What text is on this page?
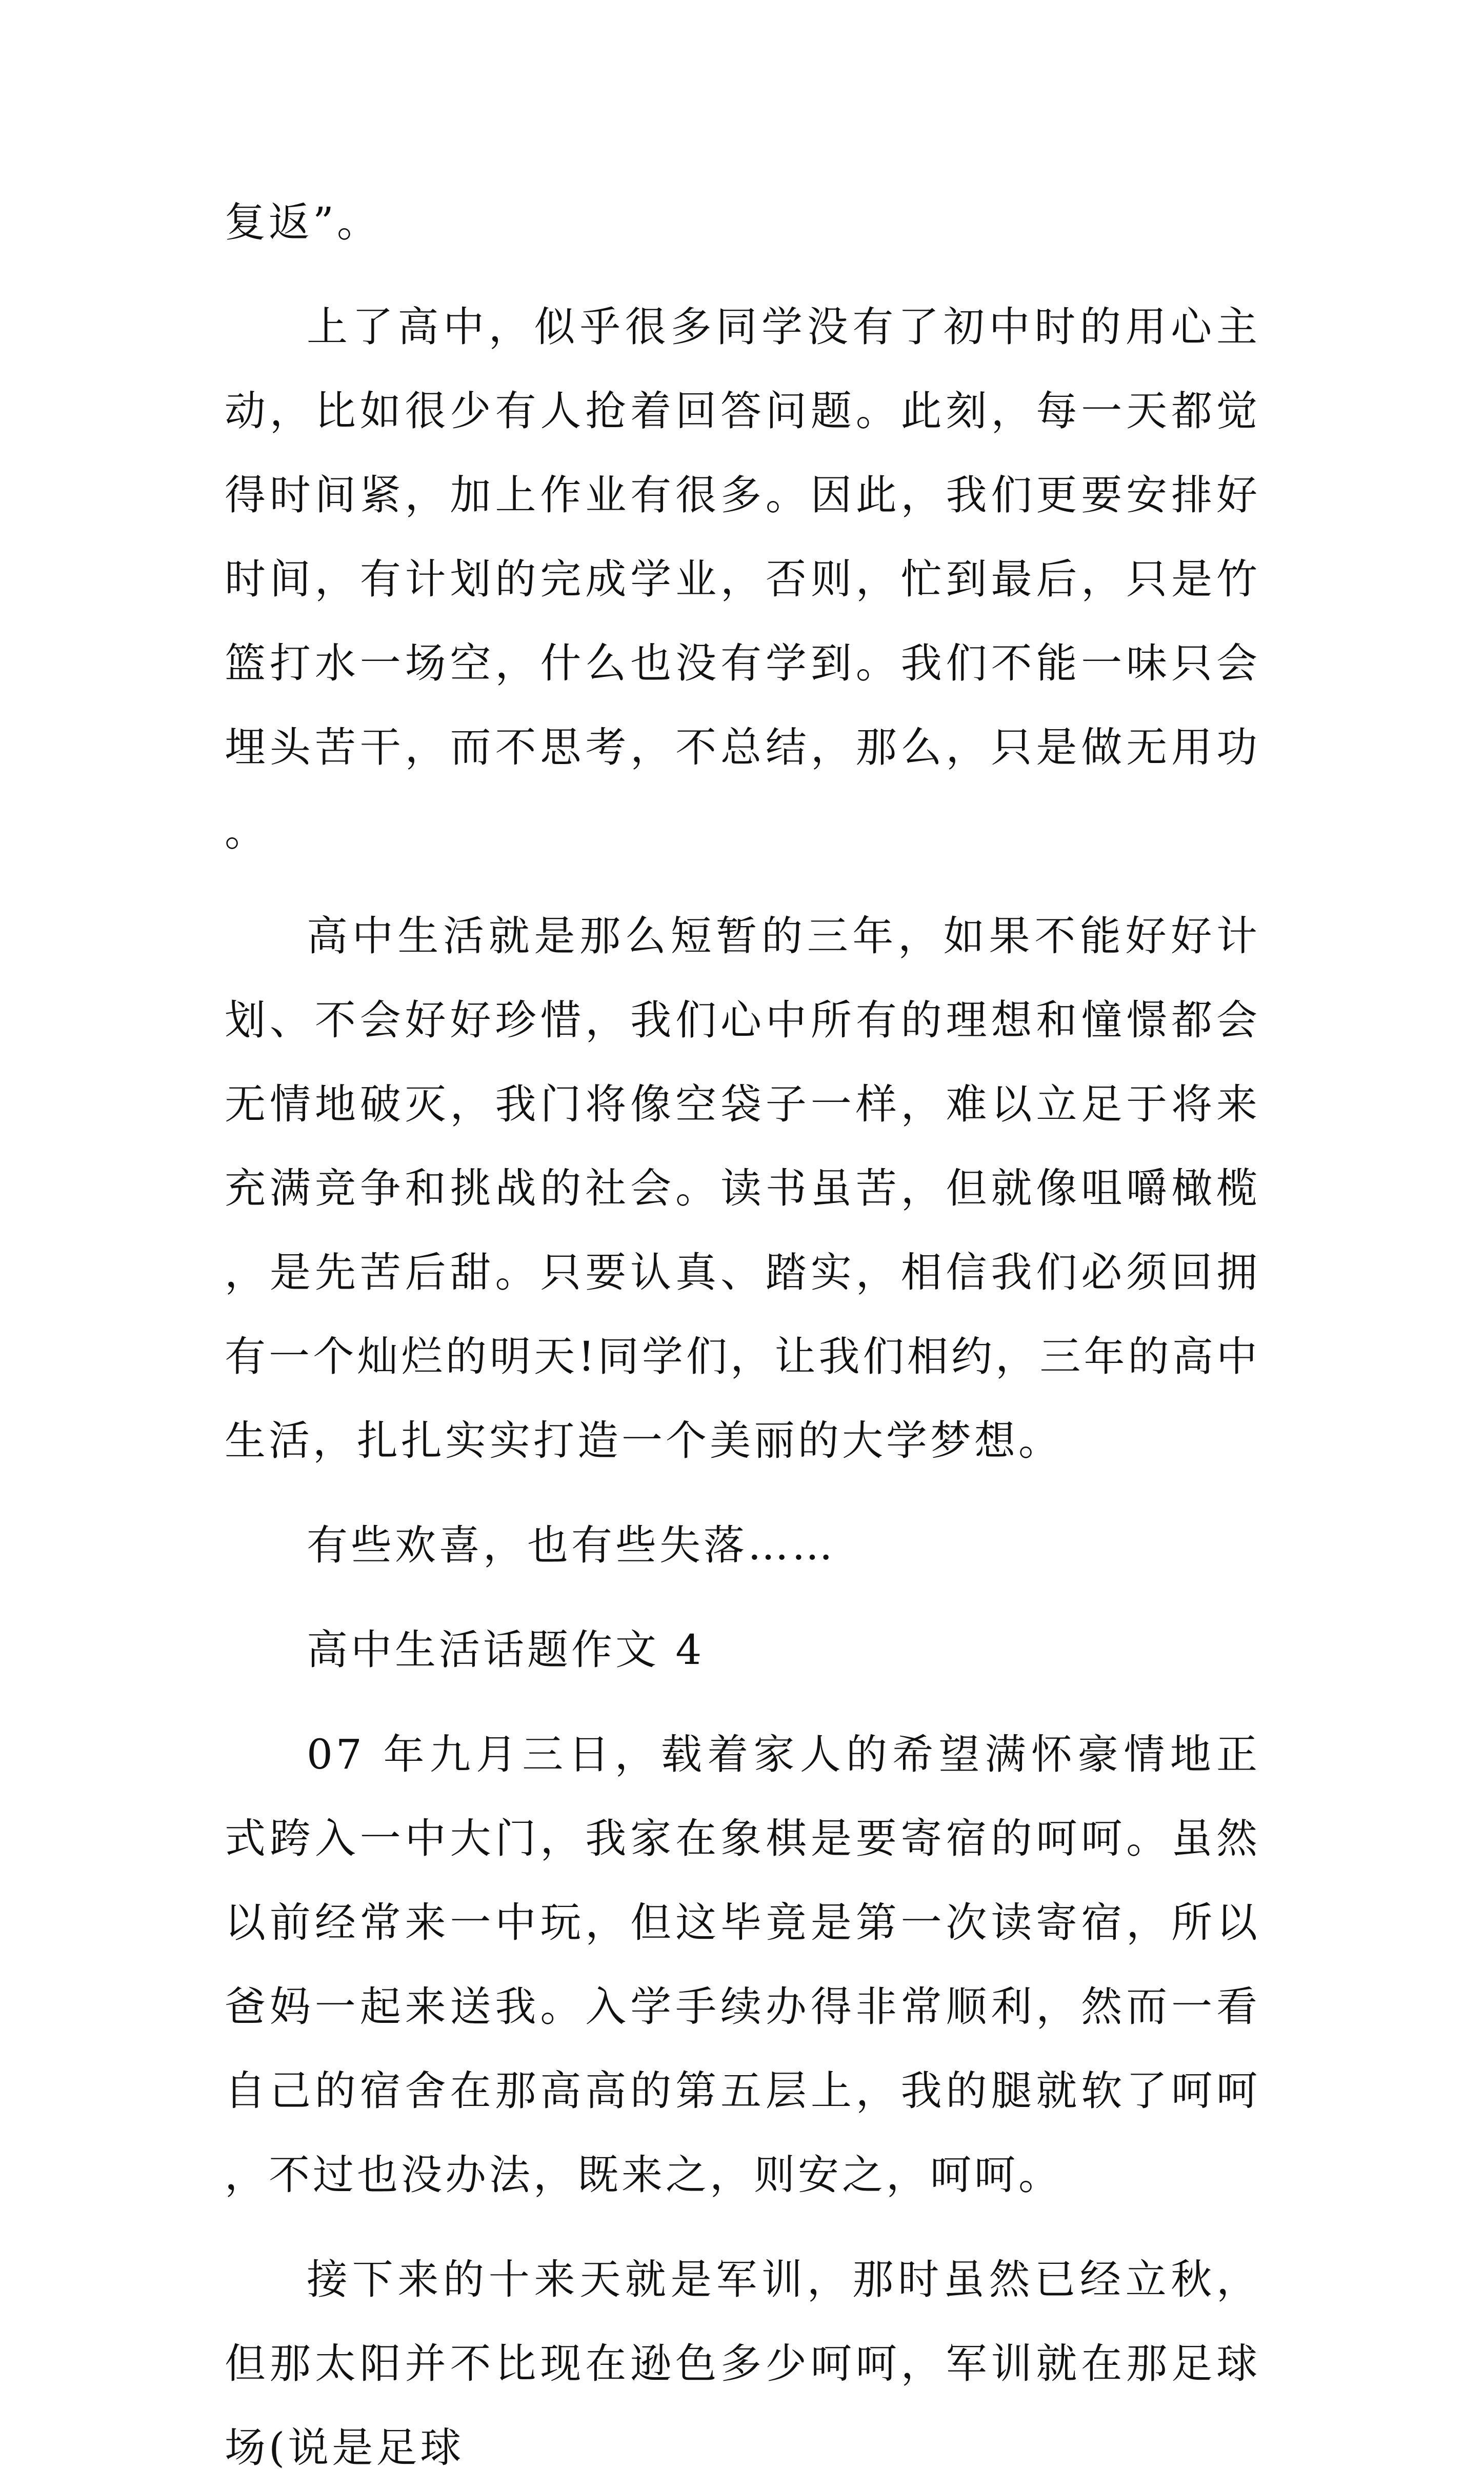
复返”。

上了高中，似乎很多同学没有了初中时的用心主动，比如很少有人抢着回答问题。此刻，每一天都觉得时间紧，加上作业有很多。因此，我们更要安排好时间，有计划的完成学业，否则，忙到最后，只是竹篮打水一场空，什么也没有学到。我们不能一味只会埋头苦干，而不思考，不总结，那么，只是做无用功。

高中生活就是那么短暂的三年，如果不能好好计划、不会好好珍惜，我们心中所有的理想和憧憬都会无情地破灭，我门将像空袋子一样，难以立足于将来充满竞争和挑战的社会。读书虽苦，但就像咀嚼橄榄，是先苦后甜。只要认真、踏实，相信我们必须回拥有一个灿烂的明天!同学们，让我们相约，三年的高中生活，扎扎实实打造一个美丽的大学梦想。

有些欢喜，也有些失落……

高中生活话题作文 4

07 年九月三日，载着家人的希望满怀豪情地正式跨入一中大门，我家在象棋是要寄宿的呵呵。虽然以前经常来一中玩，但这毕竟是第一次读寄宿，所以爸妈一起来送我。入学手续办得非常顺利，然而一看自己的宿舍在那高高的第五层上，我的腿就软了呵呵，不过也没办法，既来之，则安之，呵呵。

接下来的十来天就是军训，那时虽然已经立秋，但那太阳并不比现在逊色多少呵呵，军训就在那足球场(说是足球
